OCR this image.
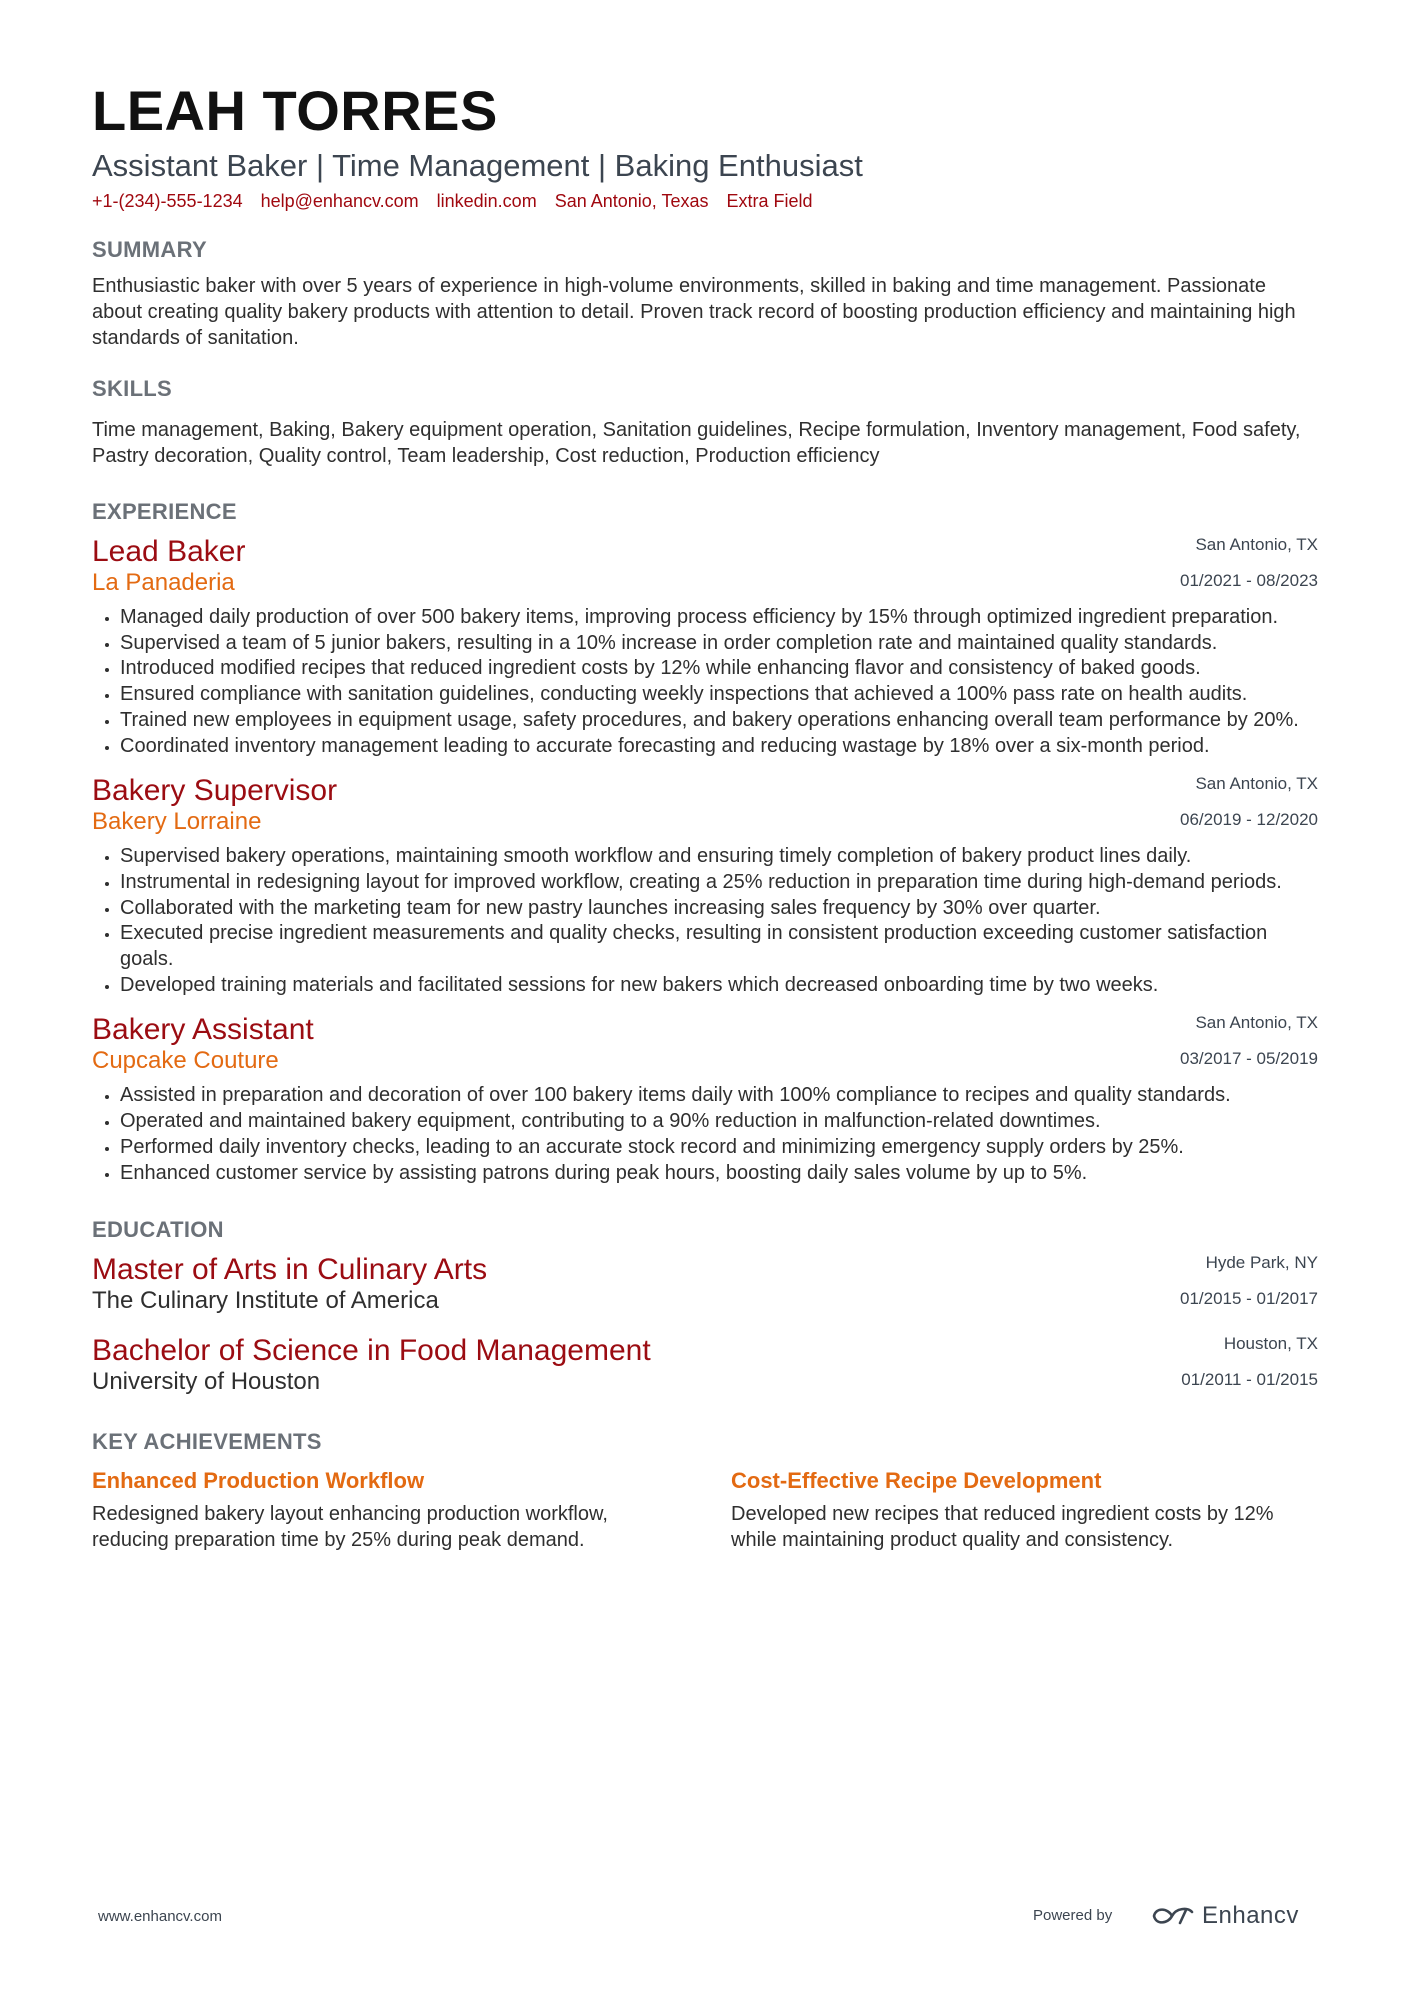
LEAH TORRES
Assistant Baker | Time Management | Baking Enthusiast
+1-(234)-555-1234 help@enhancv.com linkedin.com San Antonio, Texas Extra Field
SUMMARY
Enthusiastic baker with over 5 years of experience in high-volume environments, skilled in baking and time management. Passionate about creating quality bakery products with attention to detail. Proven track record of boosting production efficiency and maintaining high standards of sanitation.
SKILLS
Time management, Baking, Bakery equipment operation, Sanitation guidelines, Recipe formulation, Inventory management, Food safety, Pastry decoration, Quality control, Team leadership, Cost reduction, Production efficiency
EXPERIENCE
Lead Baker
La Panaderia
San Antonio, TX
01/2021 - 08/2023
• Managed daily production of over 500 bakery items, improving process efficiency by 15% through optimized ingredient preparation.
• Supervised a team of 5 junior bakers, resulting in a 10% increase in order completion rate and maintained quality standards.
• Introduced modified recipes that reduced ingredient costs by 12% while enhancing flavor and consistency of baked goods.
• Ensured compliance with sanitation guidelines, conducting weekly inspections that achieved a 100% pass rate on health audits.
• Trained new employees in equipment usage, safety procedures, and bakery operations enhancing overall team performance by 20%.
• Coordinated inventory management leading to accurate forecasting and reducing wastage by 18% over a six-month period.
Bakery Supervisor
Bakery Lorraine
San Antonio, TX
06/2019 - 12/2020
• Supervised bakery operations, maintaining smooth workflow and ensuring timely completion of bakery product lines daily.
• Instrumental in redesigning layout for improved workflow, creating a 25% reduction in preparation time during high-demand periods.
• Collaborated with the marketing team for new pastry launches increasing sales frequency by 30% over quarter.
• Executed precise ingredient measurements and quality checks, resulting in consistent production exceeding customer satisfaction goals.
• Developed training materials and facilitated sessions for new bakers which decreased onboarding time by two weeks.
Bakery Assistant
Cupcake Couture
San Antonio, TX
03/2017 - 05/2019
• Assisted in preparation and decoration of over 100 bakery items daily with 100% compliance to recipes and quality standards.
• Operated and maintained bakery equipment, contributing to a 90% reduction in malfunction-related downtimes.
• Performed daily inventory checks, leading to an accurate stock record and minimizing emergency supply orders by 25%.
• Enhanced customer service by assisting patrons during peak hours, boosting daily sales volume by up to 5%.
EDUCATION
Master of Arts in Culinary Arts
The Culinary Institute of America
Hyde Park, NY
01/2015 - 01/2017
Bachelor of Science in Food Management
University of Houston
Houston, TX
01/2011 - 01/2015
KEY ACHIEVEMENTS
Enhanced Production Workflow
Redesigned bakery layout enhancing production workflow, reducing preparation time by 25% during peak demand.
Cost-Effective Recipe Development
Developed new recipes that reduced ingredient costs by 12% while maintaining product quality and consistency.
www.enhancv.com	Powered by	Enhancv
